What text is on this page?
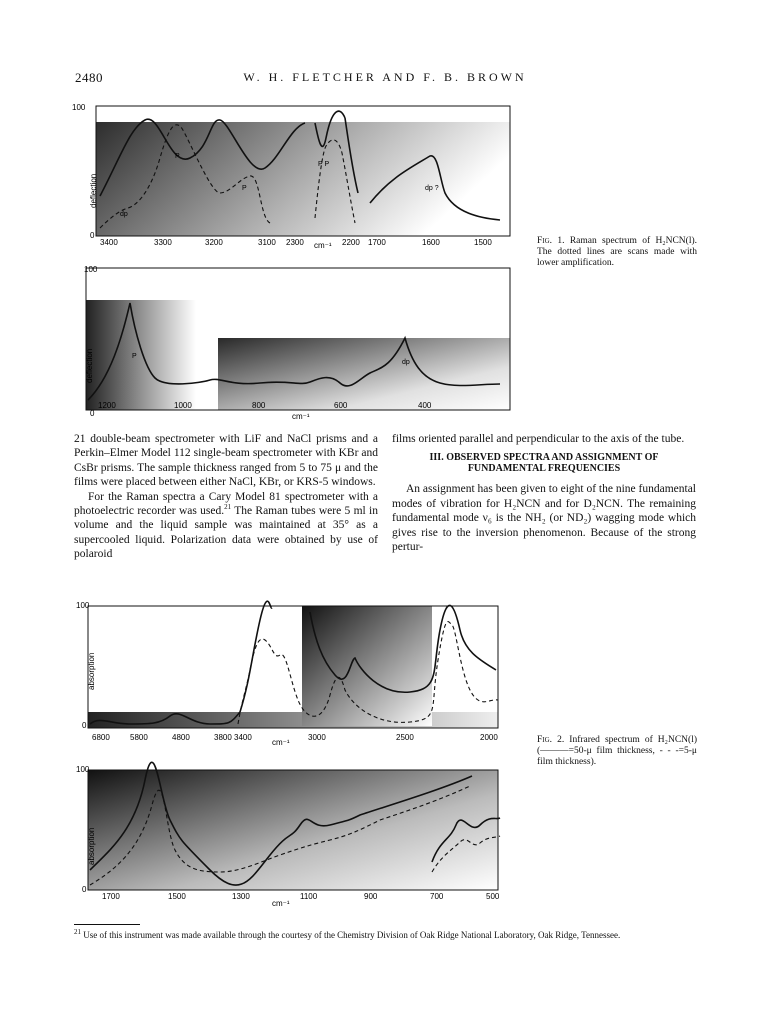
2480	W. H. FLETCHER AND F. B. BROWN
deflection
100
0
dp
P
P
P P
dp ?
3400	3300	3200	3100 2300	2200 1700	1600	1500
cm⁻¹
deflection
100
0
P
dp
1200	1000	800	600	400
cm⁻¹
Fig. 1. Raman spectrum of H₂NCN(l). The dotted lines are scans made with lower amplification.

21 double-beam spectrometer with LiF and NaCl prisms and a Perkin–Elmer Model 112 single-beam spectrometer with KBr and CsBr prisms. The sample thickness ranged from 5 to 75 μ and the films were placed between either NaCl, KBr, or KRS-5 windows.

For the Raman spectra a Cary Model 81 spectrometer with a photoelectric recorder was used.$^{21}$ The Raman tubes were 5 ml in volume and the liquid sample was maintained at 35° as a supercooled liquid. Polarization data were obtained by use of polaroid

films oriented parallel and perpendicular to the axis of the tube.

III. OBSERVED SPECTRA AND ASSIGNMENT OF FUNDAMENTAL FREQUENCIES

An assignment has been given to eight of the nine fundamental modes of vibration for H₂NCN and for D₂NCN. The remaining fundamental mode ν₆ is the NH₂ (or ND₂) wagging mode which gives rise to the inversion phenomenon. Because of the strong pertur-

absorption
100
0
6800	5800	4800	3800 3400	3000	2500	2000
cm⁻¹
absorption
100
0
1700	1500	1300	1100	900	700	500
cm⁻¹
Fig. 2. Infrared spectrum of H₂NCN(l) (———=50-μ film thickness, - - -=5-μ film thickness).
$^{21}$ Use of this instrument was made available through the courtesy of the Chemistry Division of Oak Ridge National Laboratory, Oak Ridge, Tennessee.
